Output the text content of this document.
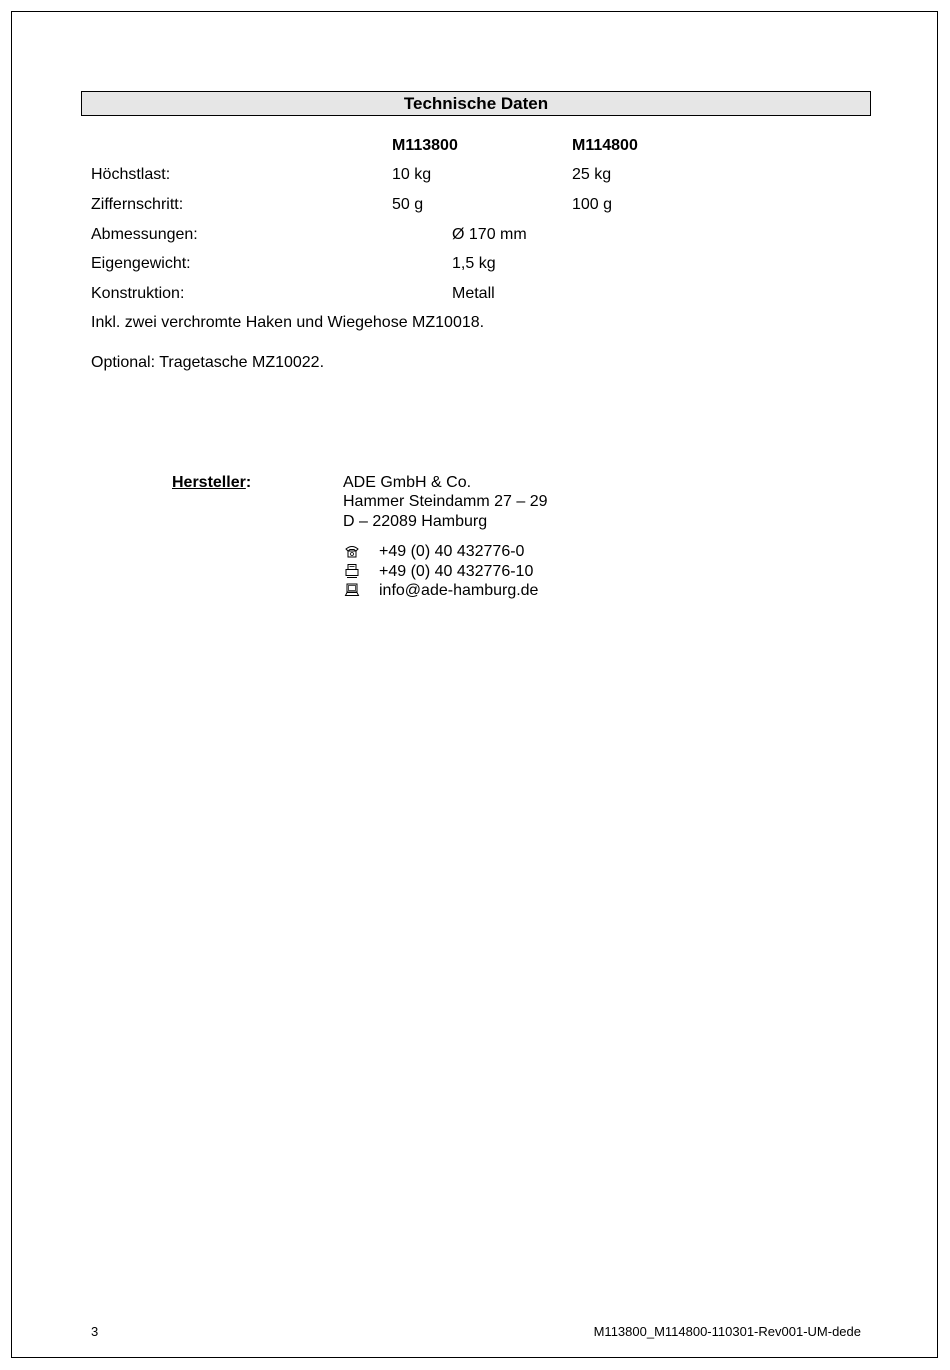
Technische Daten
M113800	M114800
Höchstlast:	10 kg	25 kg
Ziffernschritt:	50 g	100 g
Abmessungen:	Ø 170 mm
Eigengewicht:	1,5 kg
Konstruktion:	Metall
Inkl. zwei verchromte Haken und Wiegehose MZ10018.
Optional: Tragetasche MZ10022.
Hersteller:	ADE GmbH & Co.
Hammer Steindamm 27 – 29
D – 22089 Hamburg
+49 (0) 40 432776-0
+49 (0) 40 432776-10
info@ade-hamburg.de
3	M113800_M114800-110301-Rev001-UM-dede
